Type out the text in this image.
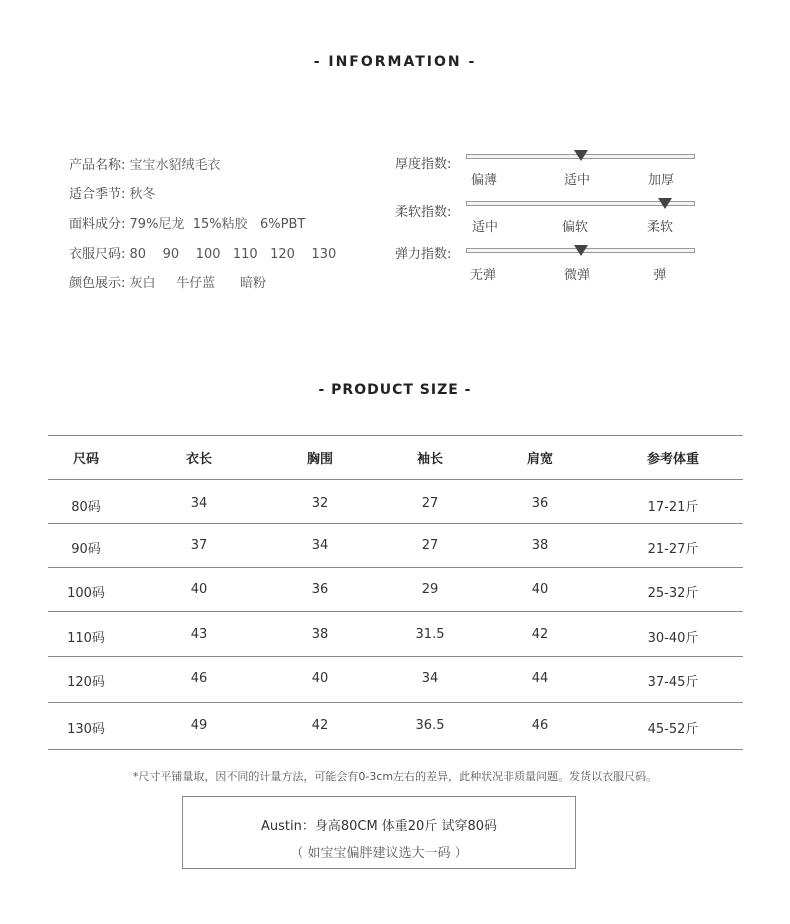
- INFORMATION -
产品名称: 宝宝水貂绒毛衣
适合季节: 秋冬
面料成分: 79%尼龙  15%粘胶   6%PBT
衣服尺码: 80    90    100   110   120    130
颜色展示: 灰白     牛仔蓝      暗粉
厚度指数:
偏薄	适中	加厚
柔软指数:
适中	偏软	柔软
弹力指数:
无弹	微弹	弹
- PRODUCT SIZE -
尺码	衣长	胸围	袖长	肩宽	参考体重
80码	34	32	27	36	17-21斤
90码	37	34	27	38	21-27斤
100码	40	36	29	40	25-32斤
110码	43	38	31.5	42	30-40斤
120码	46	40	34	44	37-45斤
130码	49	42	36.5	46	45-52斤
*尺寸平铺量取，因不同的计量方法，可能会有0-3cm左右的差异，此种状况非质量问题。发货以衣服尺码。
Austin：身高80CM 体重20斤 试穿80码
（ 如宝宝偏胖建议选大一码 ）
